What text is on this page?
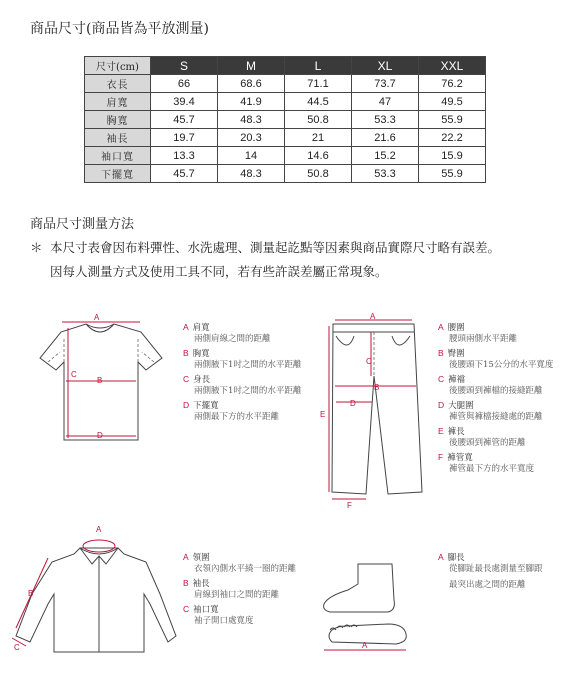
商品尺寸(商品皆為平放測量)
尺寸(cm)	S	M	L	XL	XXL
衣長	66	68.6	71.1	73.7	76.2
肩寬	39.4	41.9	44.5	47	49.5
胸寬	45.7	48.3	50.8	53.3	55.9
袖長	19.7	20.3	21	21.6	22.2
袖口寬	13.3	14	14.6	15.2	15.9
下擺寬	45.7	48.3	50.8	53.3	55.9
商品尺寸測量方法
＊ 本尺寸表會因布料彈性、水洗處理、測量起訖點等因素與商品實際尺寸略有誤差。
因每人測量方式及使用工具不同，若有些許誤差屬正常現象。
A
B
C
D
A 肩寬
兩側肩線之間的距離
B 胸寬
兩側腋下1吋之間的水平距離
C 身長
兩側腋下1吋之間的水平距離
D 下擺寬
兩側最下方的水平距離
A
B
C
D
E
F
A 腰圍
腰頭兩側水平距離
B 臀圍
後腰頭下15公分的水平寬度
C 褲襠
後腰頭到褲檔的接縫距離
D 大腿圍
褲管與褲檔接縫處的距離
E 褲長
後腰頭到褲管的距離
F 褲管寬
褲管最下方的水平寬度
A
B
C
A 領圍
衣領內側水平繞一圈的距離
B 袖長
肩線到袖口之間的距離
C 袖口寬
袖子開口處寬度
A
A 腳長
從腳趾最長處測量至腳跟
最突出處之間的距離
